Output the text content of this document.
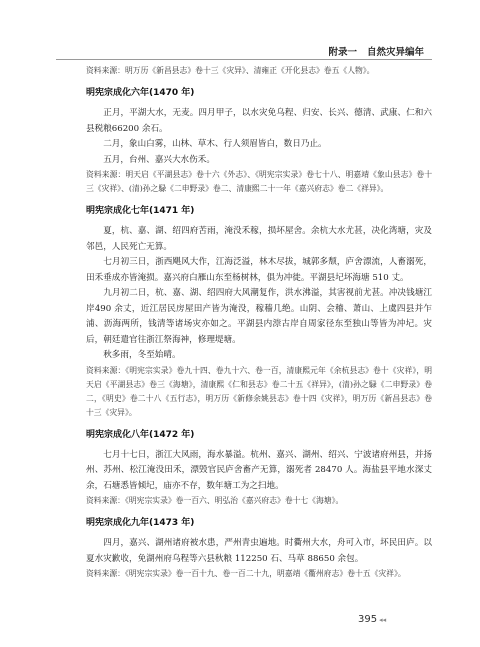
附录一 自然灾异编年

资料来源：明万历《新昌县志》卷十三《灾异》、清雍正《开化县志》卷五《人物》。

明宪宗成化六年(1470 年)

正月，平湖大水，无麦。四月甲子，以水灾免乌程、归安、长兴、德清、武康、仁和六县税粮66200 余石。

二月，象山白雾，山林、草木、行人须眉皆白，数日乃止。

五月，台州、嘉兴大水伤禾。

资料来源：明天启《平湖县志》卷十六《外志》、《明宪宗实录》卷七十八、明嘉靖《象山县志》卷十三《灾祥》、(清)孙之騄《二申野录》卷二、清康熙二十一年《嘉兴府志》卷二《祥异》。

明宪宗成化七年(1471 年)

夏，杭、嘉、湖、绍四府苦雨，淹没禾稼，损坏屋舍。余杭大水尤甚，决化湾塘，灾及邻邑，人民死亡无算。

七月初三日，浙西飓风大作，江海泛溢，林木尽拔，城郭多颓，庐舍漂流，人畜溺死，田禾垂成亦皆淹损。嘉兴府白雁山东至杨树林，俱为冲徙。平湖县圮坏海塘 510 丈。

九月初二日，杭、嘉、湖、绍四府大风潮复作，洪水沸溢，其害视前尤甚。冲决钱塘江岸490 余丈，近江居民房屋田产皆为淹没，稼穑几绝。山阴、会稽、萧山、上虞四县并乍浦、沥海两所，钱清等诸场灾亦如之。平湖县内漴古岸自周家径东至独山等皆为冲圮。灾后，朝廷遣官往浙江祭海神，修理堤塘。

秋多雨，冬至始晴。

资料来源：《明宪宗实录》卷九十四、卷九十六、卷一百，清康熙元年《余杭县志》卷十《灾祥》，明天启《平湖县志》卷三《海塘》，清康熙《仁和县志》卷二十五《祥异》，(清)孙之騄《二申野录》卷二，《明史》卷二十八《五行志》，明万历《新修余姚县志》卷十四《灾祥》，明万历《新昌县志》卷十三《灾异》。

明宪宗成化八年(1472 年)

七月十七日，浙江大风雨，海水暴溢。杭州、嘉兴、湖州、绍兴、宁波诸府州县，并扬州、苏州、松江淹没田禾，漂毁官民庐舍畜产无算，溺死者 28470 人。海盐县平地水深丈余，石塘悉皆倾圮，庙亦不存，数年塘工为之扫地。

资料来源：《明宪宗实录》卷一百六、明弘治《嘉兴府志》卷十七《海塘》。

明宪宗成化九年(1473 年)

四月，嘉兴、湖州诸府被水患，严州青虫遍地。时衢州大水，舟可入市，坏民田庐。以夏水灾歉收，免湖州府乌程等六县秋粮 112250 石、马草 88650 余包。

资料来源：《明宪宗实录》卷一百十九、卷一百二十九，明嘉靖《衢州府志》卷十五《灾祥》。

395 ◂◂
